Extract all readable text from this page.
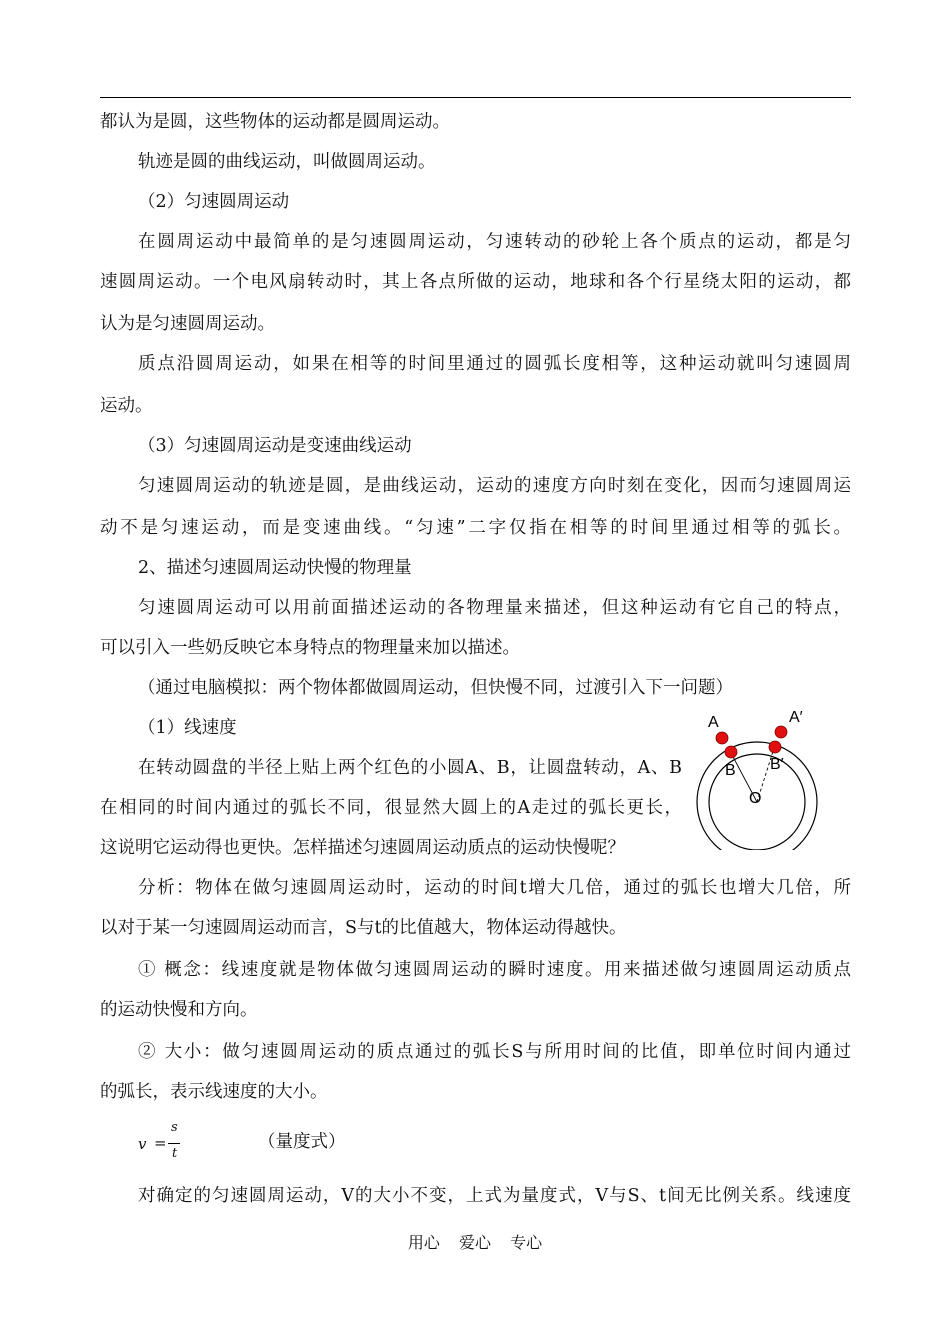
都认为是圆，这些物体的运动都是圆周运动。
轨迹是圆的曲线运动，叫做圆周运动。
（2）匀速圆周运动
在圆周运动中最简单的是匀速圆周运动，匀速转动的砂轮上各个质点的运动，都是匀
速圆周运动。一个电风扇转动时，其上各点所做的运动，地球和各个行星绕太阳的运动，都
认为是匀速圆周运动。
质点沿圆周运动，如果在相等的时间里通过的圆弧长度相等，这种运动就叫匀速圆周
运动。
（3）匀速圆周运动是变速曲线运动
匀速圆周运动的轨迹是圆，是曲线运动，运动的速度方向时刻在变化，因而匀速圆周运
动不是匀速运动，而是变速曲线。“匀速”二字仅指在相等的时间里通过相等的弧长。
2、描述匀速圆周运动快慢的物理量
匀速圆周运动可以用前面描述运动的各物理量来描述，但这种运动有它自己的特点，
可以引入一些奶反映它本身特点的物理量来加以描述。
（通过电脑模拟：两个物体都做圆周运动，但快慢不同，过渡引入下一问题）
（1）线速度
在转动圆盘的半径上贴上两个红色的小圆A、B，让圆盘转动，A、B
在相同的时间内通过的弧长不同，很显然大圆上的A走过的弧长更长，
这说明它运动得也更快。怎样描述匀速圆周运动质点的运动快慢呢？
分析：物体在做匀速圆周运动时，运动的时间t增大几倍，通过的弧长也增大几倍，所
以对于某一匀速圆周运动而言，S与t的比值越大，物体运动得越快。
① 概念：线速度就是物体做匀速圆周运动的瞬时速度。用来描述做匀速圆周运动质点
的运动快慢和方向。
② 大小：做匀速圆周运动的质点通过的弧长S与所用时间的比值，即单位时间内通过
的弧长，表示线速度的大小。
v =
s
t
（量度式）
对确定的匀速圆周运动，V的大小不变，上式为量度式，V与S、t间无比例关系。线速度
A	A′
B B′
O
用心 爱心 专心
